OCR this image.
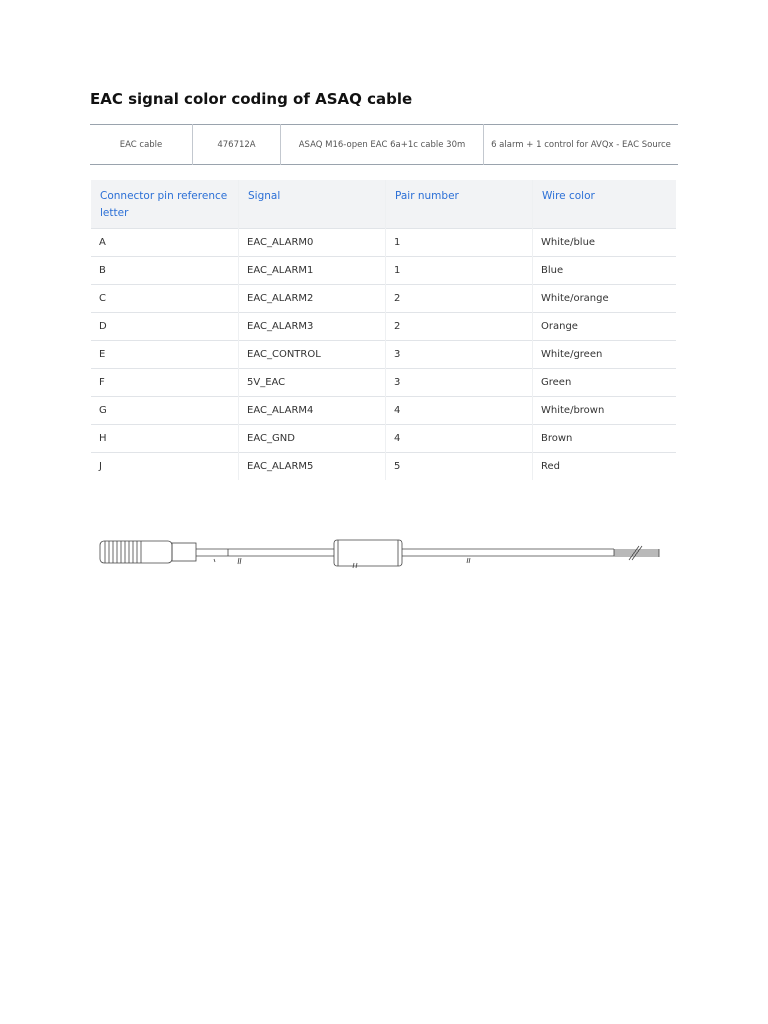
EAC signal color coding of ASAQ cable
EAC cable	476712A	ASAQ M16-open EAC 6a+1c cable 30m	6 alarm + 1 control for AVQx - EAC Source
Connector pin reference letter	Signal	Pair number	Wire color
A	EAC_ALARM0	1	White/blue
B	EAC_ALARM1	1	Blue
C	EAC_ALARM2	2	White/orange
D	EAC_ALARM3	2	Orange
E	EAC_CONTROL	3	White/green
F	5V_EAC	3	Green
G	EAC_ALARM4	4	White/brown
H	EAC_GND	4	Brown
J	EAC_ALARM5	5	Red
